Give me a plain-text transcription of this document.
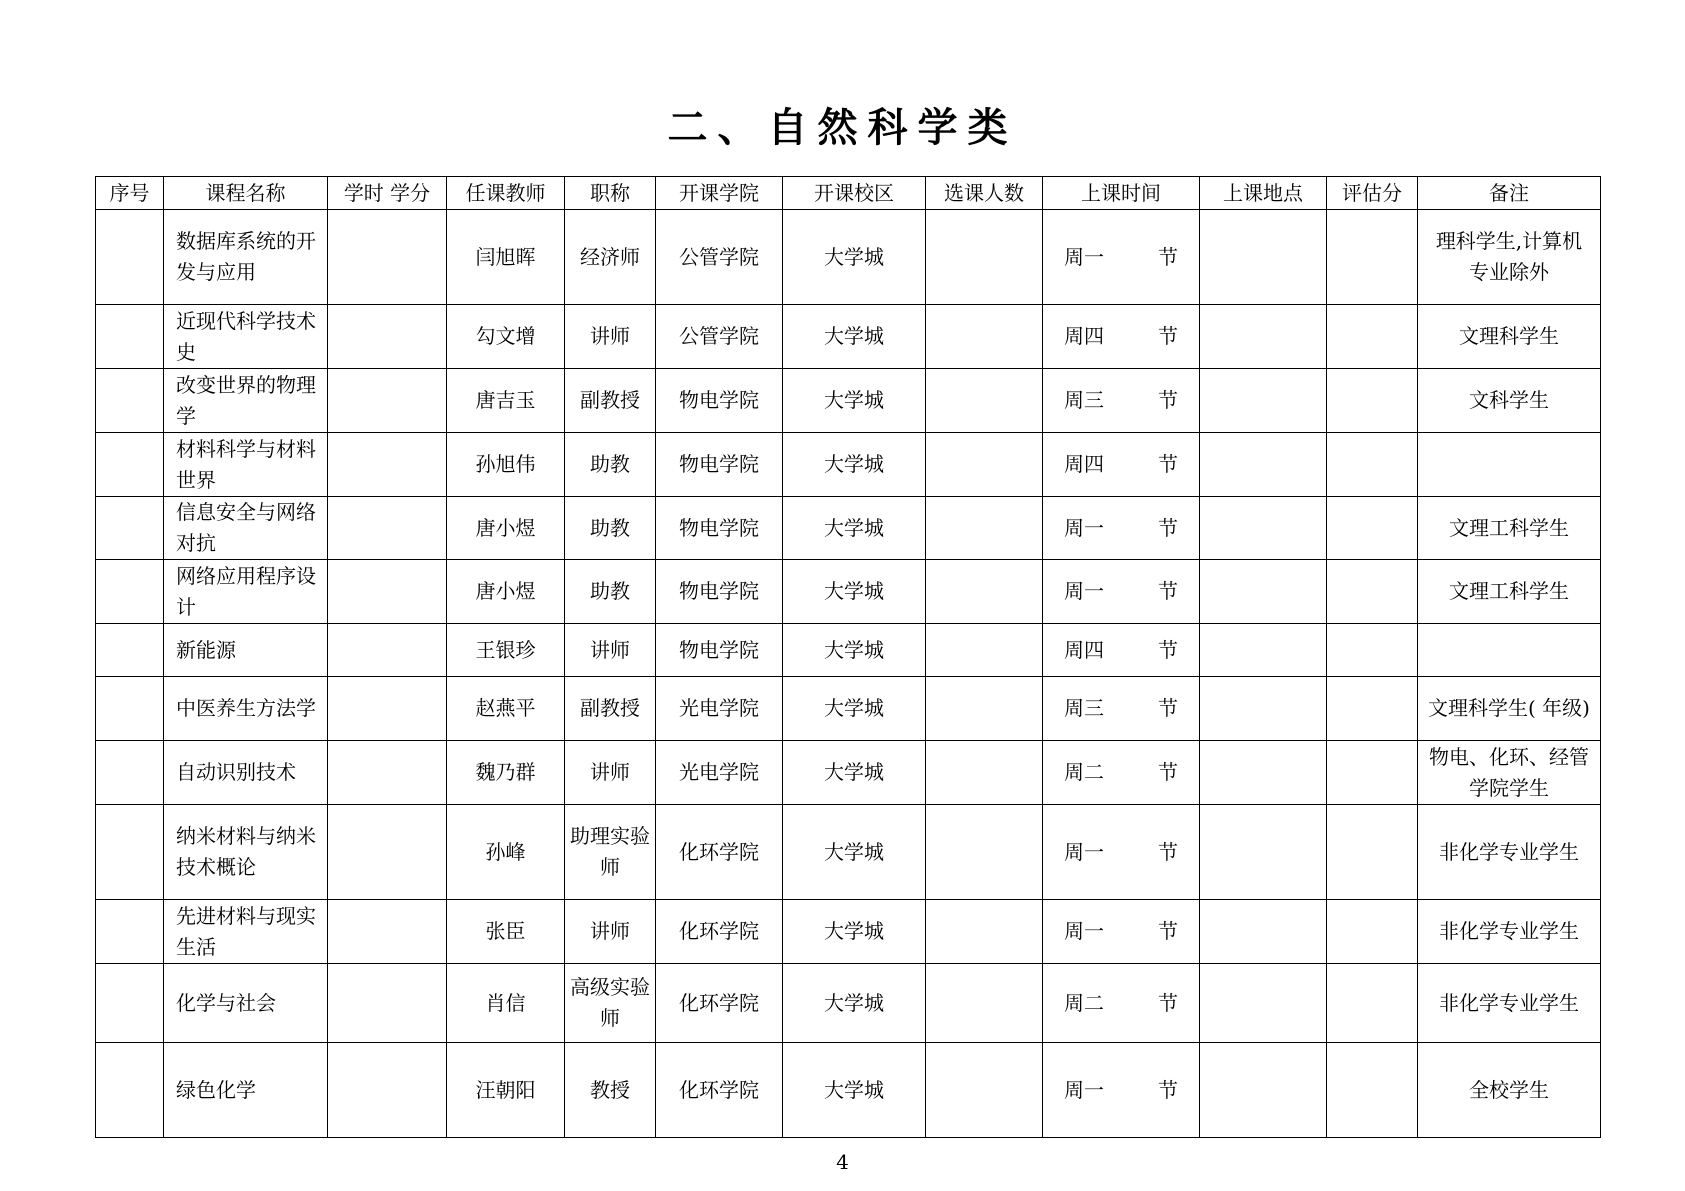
二、自然科学类
序号	课程名称	学时 学分	任课教师	职称	开课学院	开课校区	选课人数	上课时间	上课地点	评估分	备注
	数据库系统的开发与应用		闫旭晖	经济师	公管学院	大学城		周一 节			理科学生,计算机专业除外
	近现代科学技术史		勾文增	讲师	公管学院	大学城		周四 节			文理科学生
	改变世界的物理学		唐吉玉	副教授	物电学院	大学城		周三 节			文科学生
	材料科学与材料世界		孙旭伟	助教	物电学院	大学城		周四 节			

	信息安全与网络对抗		唐小煜	助教	物电学院	大学城		周一 节			文理工科学生
	网络应用程序设计		唐小煜	助教	物电学院	大学城		周一 节			文理工科学生
	新能源		王银珍	讲师	物电学院	大学城		周四 节			

	中医养生方法学		赵燕平	副教授	光电学院	大学城		周三 节			文理科学生( 年级)
	自动识别技术		魏乃群	讲师	光电学院	大学城		周二 节			物电、化环、经管学院学生
	纳米材料与纳米技术概论		孙峰	助理实验师	化环学院	大学城		周一 节			非化学专业学生
	先进材料与现实生活		张臣	讲师	化环学院	大学城		周一 节			非化学专业学生
	化学与社会		肖信	高级实验师	化环学院	大学城		周二 节			非化学专业学生
	绿色化学		汪朝阳	教授	化环学院	大学城		周一 节			全校学生
4
